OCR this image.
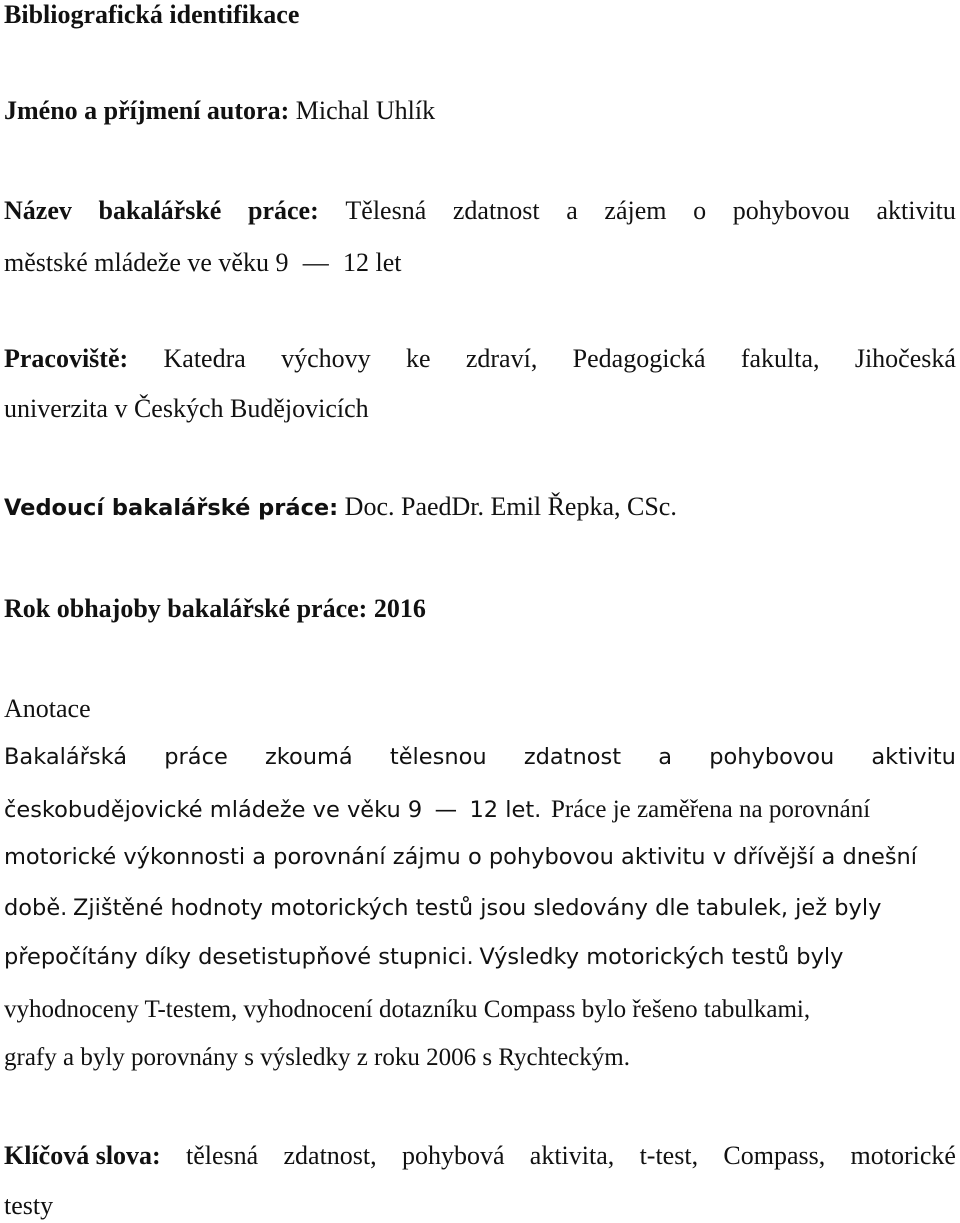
Bibliografická identifikace
Jméno a příjmení autora: Michal Uhlík
Název bakalářské práce: Tělesná zdatnost a zájem o pohybovou aktivitu
městské mládeže ve věku 9 — 12 let
Pracoviště: Katedra výchovy ke zdraví, Pedagogická fakulta, Jihočeská
univerzita v Českých Budějovicích
Vedoucí bakalářské práce: Doc. PaedDr. Emil Řepka, CSc.
Rok obhajoby bakalářské práce: 2016
Anotace
Bakalářská práce zkoumá tělesnou zdatnost a pohybovou aktivitu
českobudějovické mládeže ve věku 9 — 12 let. Práce je zaměřena na porovnání
motorické výkonnosti a porovnání zájmu o pohybovou aktivitu v dřívější a dnešní
době. Zjištěné hodnoty motorických testů jsou sledovány dle tabulek, jež byly
přepočítány díky desetistupňové stupnici. Výsledky motorických testů byly
vyhodnoceny T-testem, vyhodnocení dotazníku Compass bylo řešeno tabulkami,
grafy a byly porovnány s výsledky z roku 2006 s Rychteckým.
Klíčová slova: tělesná zdatnost, pohybová aktivita, t-test, Compass, motorické
testy
